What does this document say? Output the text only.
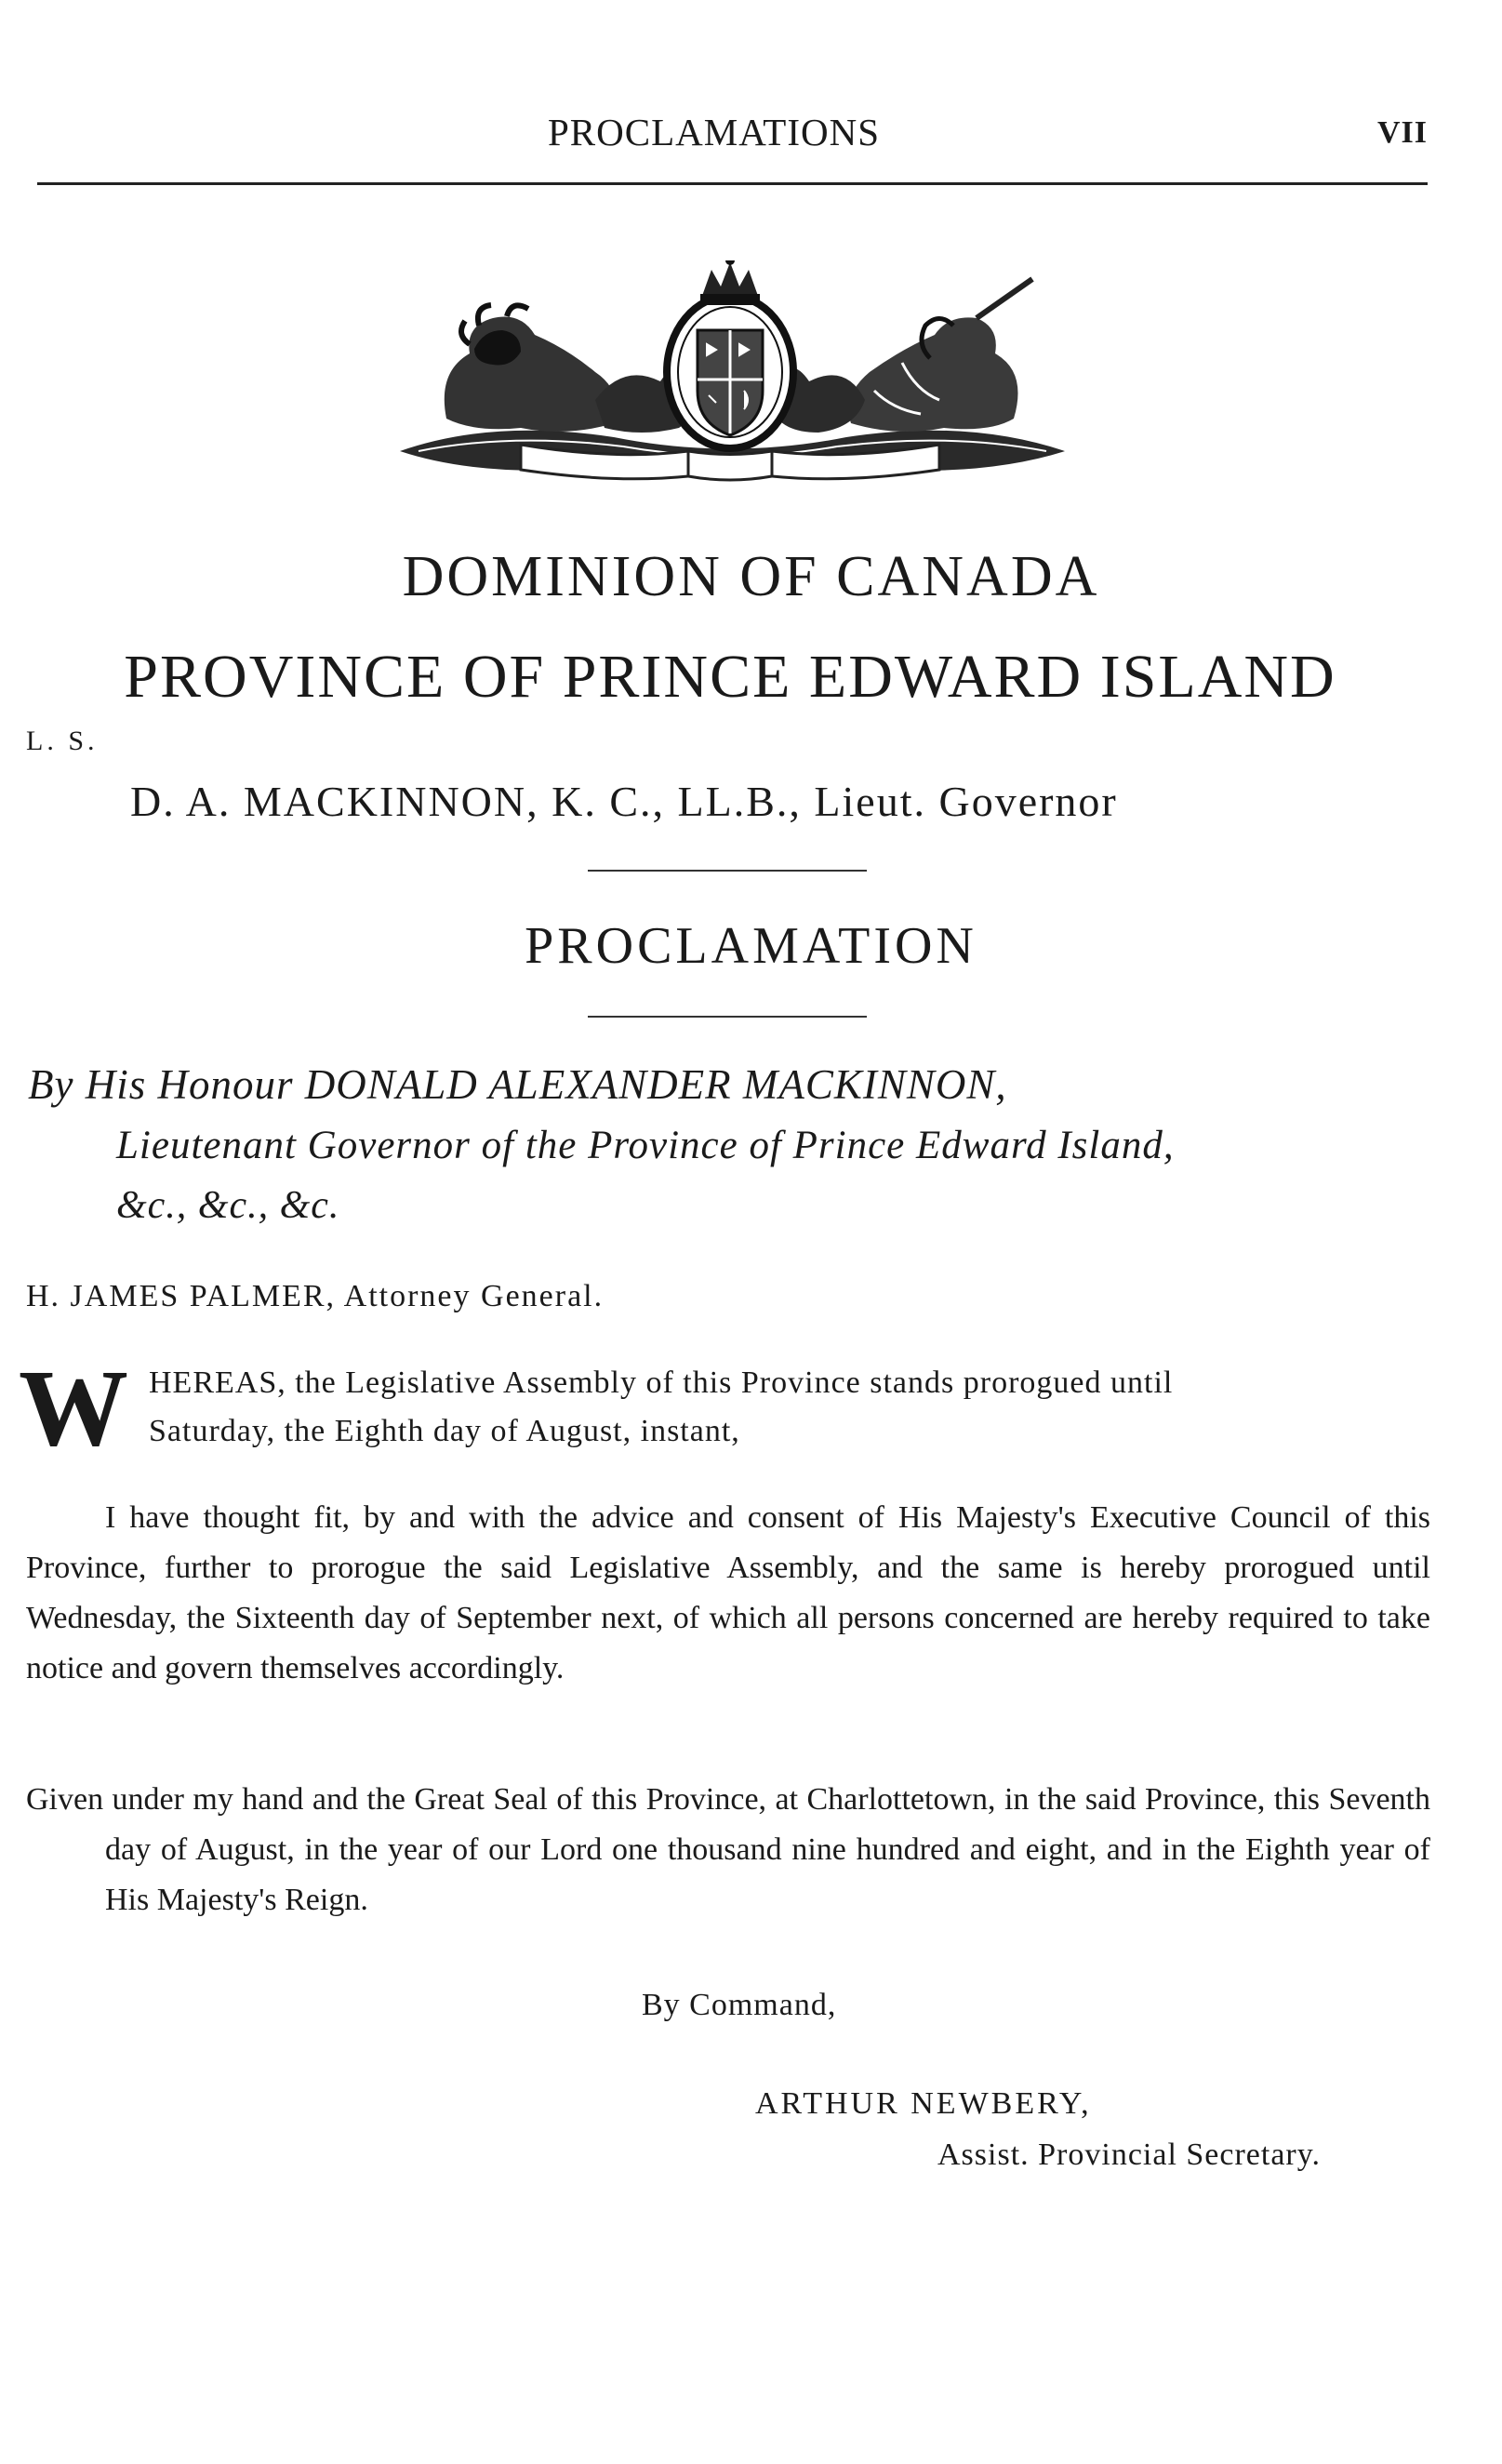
PROCLAMATIONS	VII
DOMINION OF CANADA
PROVINCE OF PRINCE EDWARD ISLAND
L. S.
D. A. MACKINNON, K. C., LL.B., Lieut. Governor
PROCLAMATION
By His Honour DONALD ALEXANDER MACKINNON,
Lieutenant Governor of the Province of Prince Edward Island,
&c., &c., &c.
H. JAMES PALMER, Attorney General.
W HEREAS, the Legislative Assembly of this Province stands prorogued until
Saturday, the Eighth day of August, instant,
I have thought fit, by and with the advice and consent of His Majesty's Executive Council of this Province, further to prorogue the said Legislative Assembly, and the same is hereby prorogued until Wednesday, the Sixteenth day of September next, of which all persons concerned are hereby required to take notice and govern themselves accordingly.
Given under my hand and the Great Seal of this Province, at Charlottetown, in the said Province, this Seventh day of August, in the year of our Lord one thousand nine hundred and eight, and in the Eighth year of His Majesty's Reign.
By Command,
ARTHUR NEWBERY,
Assist. Provincial Secretary.
